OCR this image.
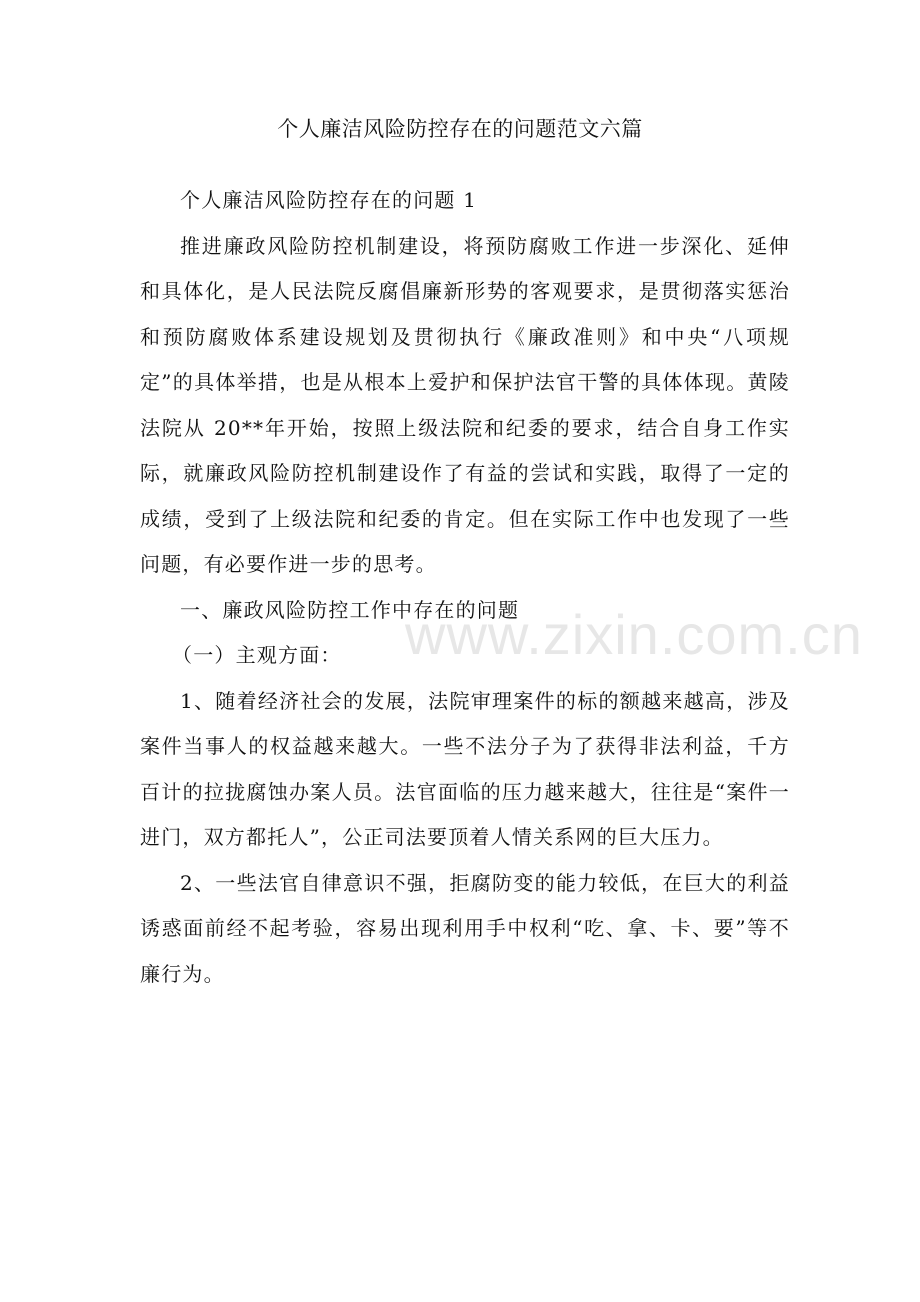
www.zixin.com.cn
个人廉洁风险防控存在的问题范文六篇

个人廉洁风险防控存在的问题 1

推进廉政风险防控机制建设，将预防腐败工作进一步深化、延伸和具体化，是人民法院反腐倡廉新形势的客观要求，是贯彻落实惩治和预防腐败体系建设规划及贯彻执行《廉政准则》和中央“八项规定”的具体举措，也是从根本上爱护和保护法官干警的具体体现。黄陵法院从 20**年开始，按照上级法院和纪委的要求，结合自身工作实际，就廉政风险防控机制建设作了有益的尝试和实践，取得了一定的成绩，受到了上级法院和纪委的肯定。但在实际工作中也发现了一些问题，有必要作进一步的思考。

一、廉政风险防控工作中存在的问题

（一）主观方面：

1、随着经济社会的发展，法院审理案件的标的额越来越高，涉及案件当事人的权益越来越大。一些不法分子为了获得非法利益，千方百计的拉拢腐蚀办案人员。法官面临的压力越来越大，往往是“案件一进门，双方都托人”，公正司法要顶着人情关系网的巨大压力。

2、一些法官自律意识不强，拒腐防变的能力较低，在巨大的利益诱惑面前经不起考验，容易出现利用手中权利“吃、拿、卡、要”等不廉行为。
